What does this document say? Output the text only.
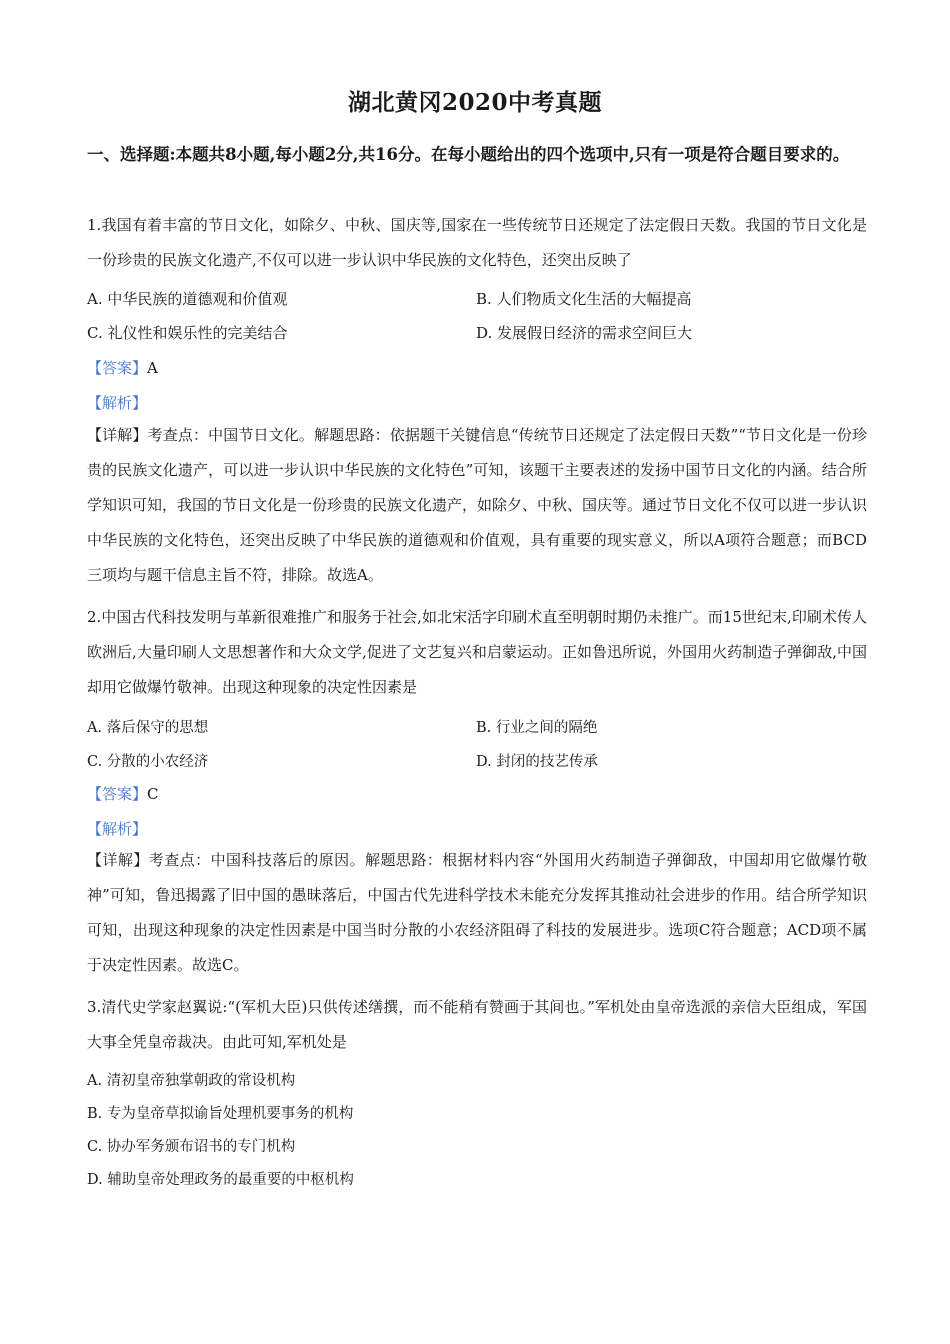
湖北黄冈2020中考真题
一、选择题:本题共8小题,每小题2分,共16分。在每小题给出的四个选项中,只有一项是符合题目要求的。
1.我国有着丰富的节日文化，如除夕、中秋、国庆等,国家在一些传统节日还规定了法定假日天数。我国的节日文化是一份珍贵的民族文化遗产,不仅可以进一步认识中华民族的文化特色，还突出反映了
A. 中华民族的道德观和价值观	B. 人们物质文化生活的大幅提高
C. 礼仪性和娱乐性的完美结合	D. 发展假日经济的需求空间巨大
【答案】A
【解析】
【详解】考查点：中国节日文化。解题思路：依据题干关键信息“传统节日还规定了法定假日天数”“节日文化是一份珍贵的民族文化遗产，可以进一步认识中华民族的文化特色”可知，该题干主要表述的发扬中国节日文化的内涵。结合所学知识可知，我国的节日文化是一份珍贵的民族文化遗产，如除夕、中秋、国庆等。通过节日文化不仅可以进一步认识中华民族的文化特色，还突出反映了中华民族的道德观和价值观，具有重要的现实意义，所以A项符合题意；而BCD三项均与题干信息主旨不符，排除。故选A。
2.中国古代科技发明与革新很难推广和服务于社会,如北宋活字印刷术直至明朝时期仍未推广。而15世纪末,印刷术传人欧洲后,大量印刷人文思想著作和大众文学,促进了文艺复兴和启蒙运动。正如鲁迅所说，外国用火药制造子弹御敌,中国却用它做爆竹敬神。出现这种现象的决定性因素是
A. 落后保守的思想	B. 行业之间的隔绝
C. 分散的小农经济	D. 封闭的技艺传承
【答案】C
【解析】
【详解】考查点：中国科技落后的原因。解题思路：根据材料内容“外国用火药制造子弹御敌，中国却用它做爆竹敬神”可知，鲁迅揭露了旧中国的愚昧落后，中国古代先进科学技术未能充分发挥其推动社会进步的作用。结合所学知识可知，出现这种现象的决定性因素是中国当时分散的小农经济阻碍了科技的发展进步。选项C符合题意；ACD项不属于决定性因素。故选C。
3.清代史学家赵翼说:“(军机大臣)只供传述缮撰，而不能稍有赞画于其间也。”军机处由皇帝选派的亲信大臣组成，军国大事全凭皇帝裁决。由此可知,军机处是
A. 清初皇帝独掌朝政的常设机构
B. 专为皇帝草拟谕旨处理机要事务的机构
C. 协办军务颁布诏书的专门机构
D. 辅助皇帝处理政务的最重要的中枢机构
